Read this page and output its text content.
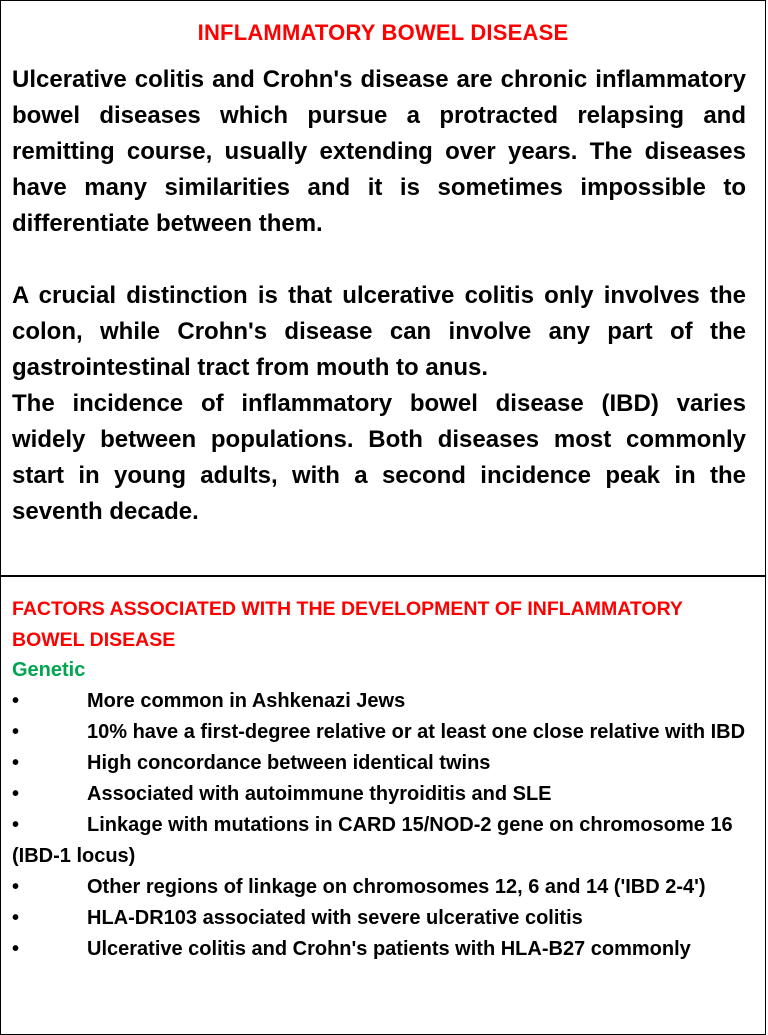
INFLAMMATORY BOWEL DISEASE

Ulcerative colitis and Crohn's disease are chronic inflammatory bowel diseases which pursue a protracted relapsing and remitting course, usually extending over years. The diseases have many similarities and it is sometimes impossible to differentiate between them.

A crucial distinction is that ulcerative colitis only involves the colon, while Crohn's disease can involve any part of the gastrointestinal tract from mouth to anus.

The incidence of inflammatory bowel disease (IBD) varies widely between populations. Both diseases most commonly start in young adults, with a second incidence peak in the seventh decade.

FACTORS ASSOCIATED WITH THE DEVELOPMENT OF INFLAMMATORY BOWEL DISEASE

Genetic
•	More common in Ashkenazi Jews
•	10% have a first-degree relative or at least one close relative with IBD
•	High concordance between identical twins
•	Associated with autoimmune thyroiditis and SLE
•	Linkage with mutations in CARD 15/NOD-2 gene on chromosome 16 (IBD-1 locus)
•	Other regions of linkage on chromosomes 12, 6 and 14 ('IBD 2-4')
•	HLA-DR103 associated with severe ulcerative colitis
•	Ulcerative colitis and Crohn's patients with HLA-B27 commonly
